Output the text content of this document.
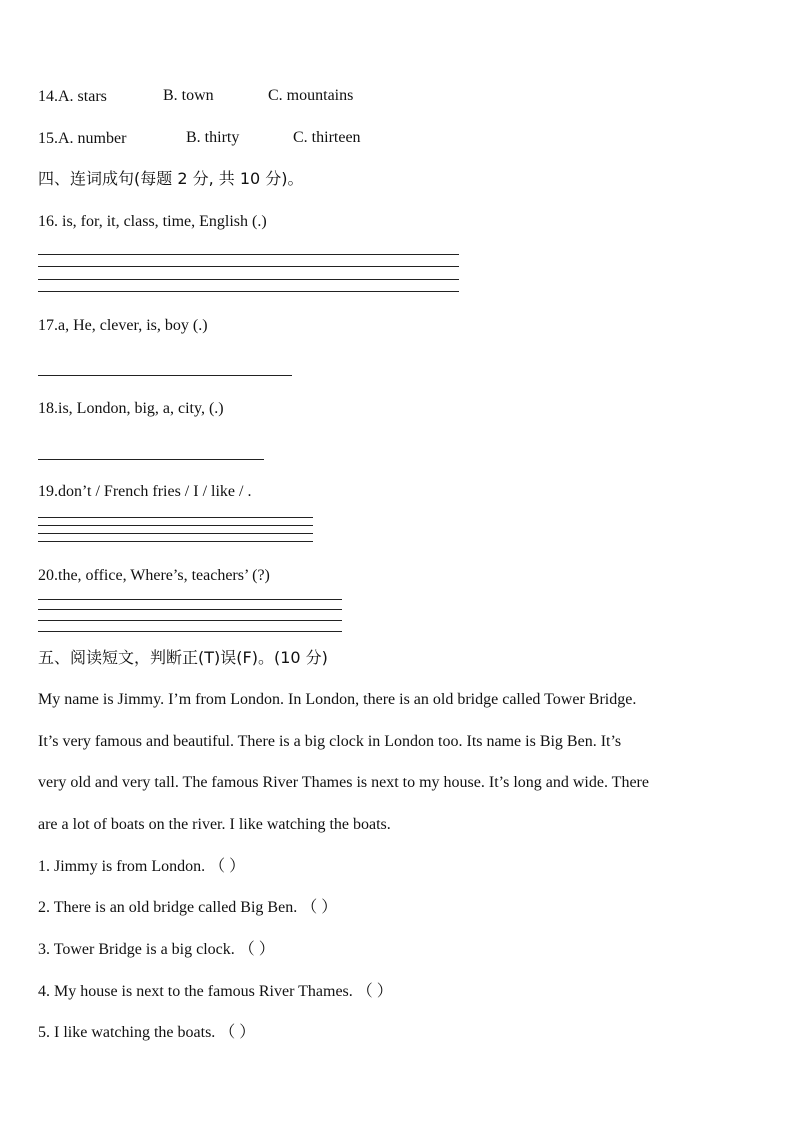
14.A. stars	B. town	C. mountains
15.A. number	B. thirty	C. thirteen
四、连词成句(每题 2 分, 共 10 分)。
16. is, for, it, class, time, English (.)
17.a, He, clever, is, boy (.)
18.is, London, big, a, city, (.)
19.don’t / French fries / I / like / .
20.the, office, Where’s, teachers’ (?)
五、阅读短文，判断正(T)误(F)。(10 分)
My name is Jimmy. I’m from London. In London, there is an old bridge called Tower Bridge.
It’s very famous and beautiful. There is a big clock in London too. Its name is Big Ben. It’s
very old and very tall. The famous River Thames is next to my house. It’s long and wide. There
are a lot of boats on the river. I like watching the boats.
1. Jimmy is from London. （ ）
2. There is an old bridge called Big Ben. （ ）
3. Tower Bridge is a big clock. （ ）
4. My house is next to the famous River Thames. （ ）
5. I like watching the boats. （ ）
